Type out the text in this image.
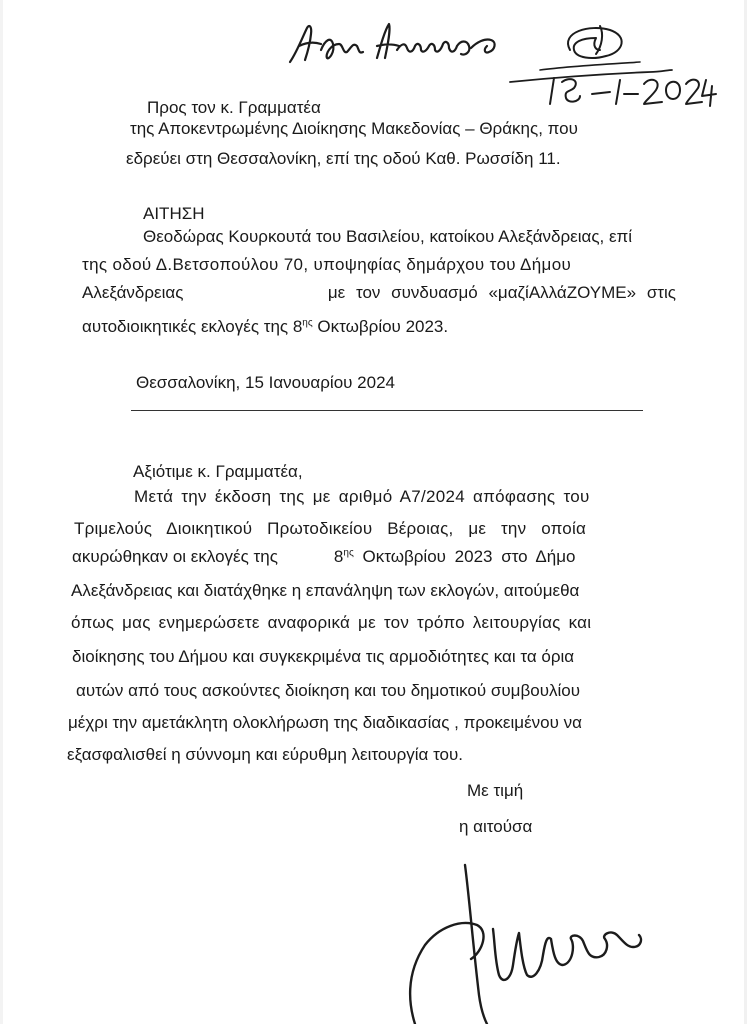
Προς τον κ. Γραμματέα
της Αποκεντρωμένης Διοίκησης Μακεδονίας – Θράκης, που
εδρεύει στη Θεσσαλονίκη, επί της οδού Καθ. Ρωσσίδη 11.
ΑΙΤΗΣΗ
Θεοδώρας Κουρκουτά του Βασιλείου, κατοίκου Αλεξάνδρειας, επί
της οδού Δ.Βετσοπούλου 70, υποψηφίας δημάρχου του Δήμου
Αλεξάνδρειας	με τον συνδυασμό «μαζίΑλλάΖΟΥΜΕ» στις
αυτοδιοικητικές εκλογές της $8^{\eta\varsigma}$ Οκτωβρίου 2023.
Θεσσαλονίκη, 15 Ιανουαρίου 2024
Αξιότιμε κ. Γραμματέα,
Μετά την έκδοση της με αριθμό Α7/2024 απόφασης του
Τριμελούς Διοικητικού Πρωτοδικείου Βέροιας, με την οποία
ακυρώθηκαν οι εκλογές της	$8^{\eta\varsigma}$ Οκτωβρίου 2023 στο Δήμο
Αλεξάνδρειας και διατάχθηκε η επανάληψη των εκλογών, αιτούμεθα
όπως μας ενημερώσετε αναφορικά με τον τρόπο λειτουργίας και
διοίκησης του Δήμου και συγκεκριμένα τις αρμοδιότητες και τα όρια
αυτών από τους ασκούντες διοίκηση και του δημοτικού συμβουλίου
μέχρι την αμετάκλητη ολοκλήρωση της διαδικασίας , προκειμένου να
εξασφαλισθεί η σύννομη και εύρυθμη λειτουργία του.
Με τιμή
η αιτούσα
